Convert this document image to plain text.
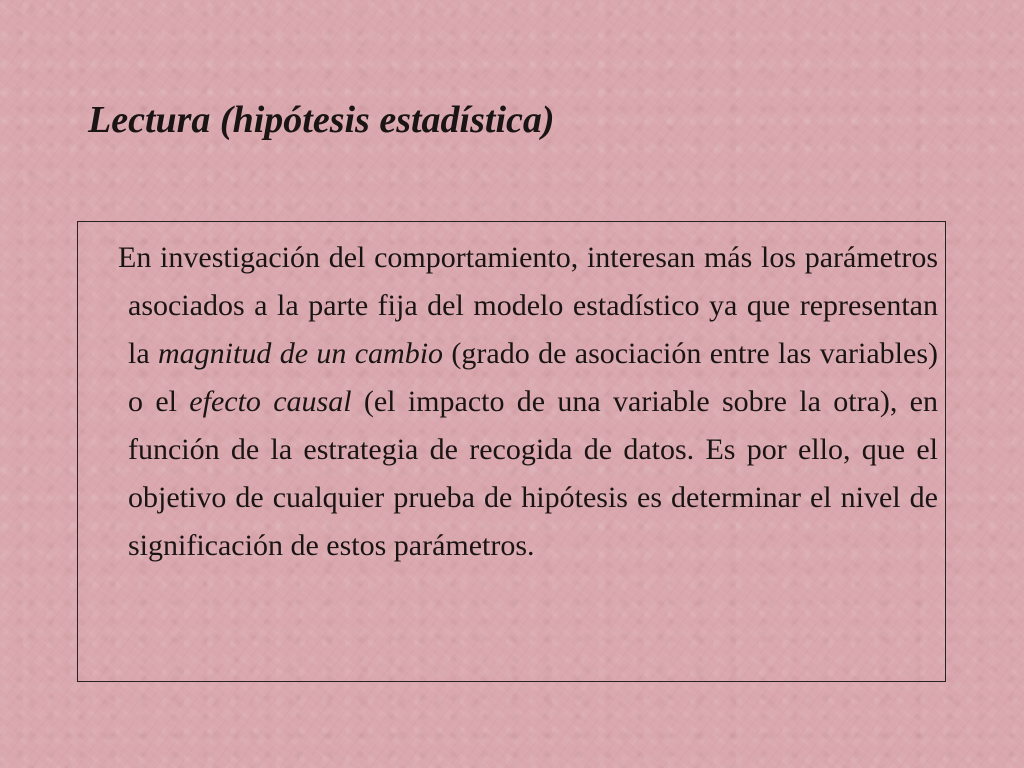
Lectura (hipótesis estadística)

En investigación del comportamiento, interesan más los parámetros asociados a la parte fija del modelo estadístico ya que representan la magnitud de un cambio (grado de asociación entre las variables) o el efecto causal (el impacto de una variable sobre la otra), en función de la estrategia de recogida de datos. Es por ello, que el objetivo de cualquier prueba de hipótesis es determinar el nivel de significación de estos parámetros.
